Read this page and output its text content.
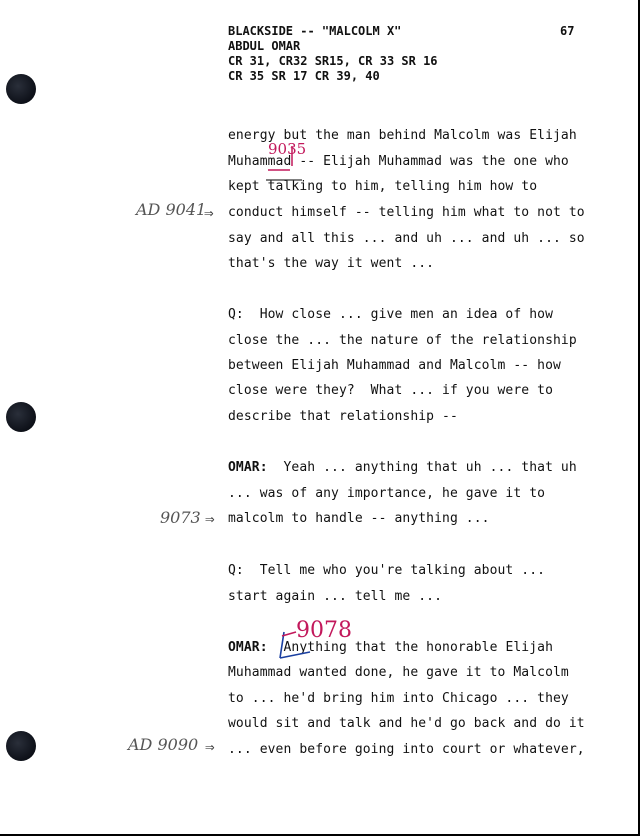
BLACKSIDE -- "MALCOLM X"
ABDUL OMAR
CR 31, CR32 SR15, CR 33 SR 16
CR 35 SR 17 CR 39, 40
67
energy but the man behind Malcolm was Elijah
Muhammad -- Elijah Muhammad was the one who
kept talking to him, telling him how to
conduct himself -- telling him what to not to
say and all this ... and uh ... and uh ... so
that's the way it went ...
Q:  How close ... give men an idea of how
close the ... the nature of the relationship
between Elijah Muhammad and Malcolm -- how
close were they?  What ... if you were to
describe that relationship --
OMAR:  Yeah ... anything that uh ... that uh
... was of any importance, he gave it to
malcolm to handle -- anything ...
Q:  Tell me who you're talking about ...
start again ... tell me ...
OMAR:  Anything that the honorable Elijah
Muhammad wanted done, he gave it to Malcolm
to ... he'd bring him into Chicago ... they
would sit and talk and he'd go back and do it
... even before going into court or whatever,
9035
AD 9041
⇒
9073 ⇒
9078
AD 9090 ⇒
